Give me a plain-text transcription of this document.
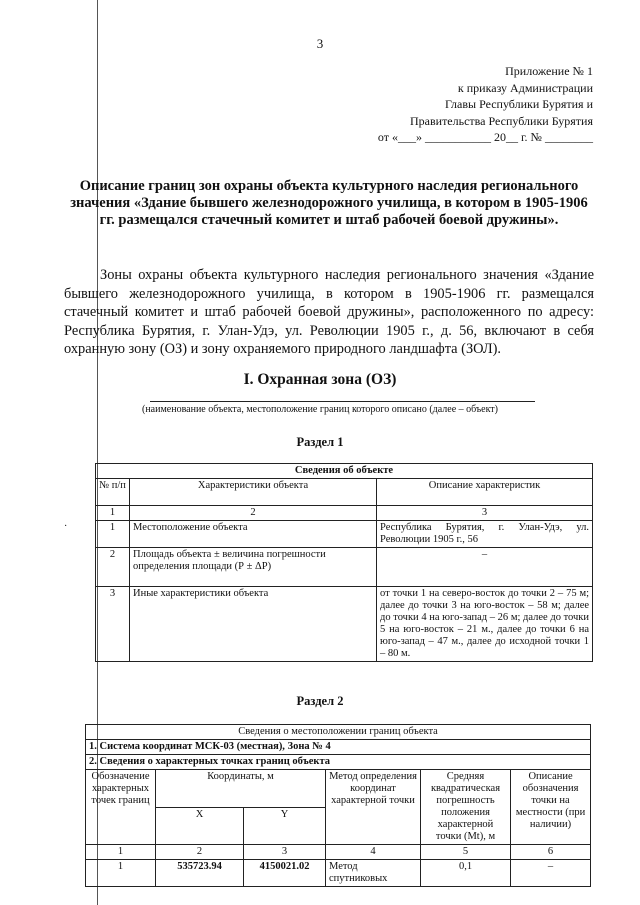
3
Приложение № 1
к приказу Администрации
Главы Республики Бурятия и
Правительства Республики Бурятия
от «___» ___________ 20__ г. № ________
Описание границ зон охраны объекта культурного наследия регионального значения «Здание бывшего железнодорожного училища, в котором в 1905-1906 гг. размещался стачечный комитет и штаб рабочей боевой дружины».

Зоны охраны объекта культурного наследия регионального значения «Здание бывшего железнодорожного училища, в котором в 1905-1906 гг. размещался стачечный комитет и штаб рабочей боевой дружины», расположенного по адресу: Республика Бурятия, г. Улан-Удэ, ул. Революции 1905 г., д. 56, включают в себя охранную зону (ОЗ) и зону охраняемого природного ландшафта (ЗОЛ).

I. Охранная зона (ОЗ)
(наименование объекта, местоположение границ которого описано (далее – объект)
Раздел 1
·
Сведения об объекте		
№ п/п	Характеристики объекта	Описание характеристик
1	2	3
1	Местоположение объекта	Республика Бурятия, г. Улан-Удэ, ул. Революции 1905 г., 56
2	Площадь объекта ± величина погрешности определения площади (Р ± ΔР)	–
3	Иные характеристики объекта	от точки 1 на северо-восток до точки 2 – 75 м; далее до точки 3 на юго-восток – 58 м; далее до точки 4 на юго-запад – 26 м; далее до точки 5 на юго-восток – 21 м., далее до точки 6 на юго-запад – 47 м., далее до исходной точки 1 – 80 м.
Раздел 2
Сведения о местоположении границ объекта					
1. Система координат МСК-03 (местная), Зона № 4					
2. Сведения о характерных точках границ объекта					
Обозначение характерных точек границ	Координаты, м		Метод определения координат характерной точки	Средняя квадратическая погрешность положения характерной точки (Mt), м	Описание обозначения точки на местности (при наличии)
	X	Y			
1	2	3	4	5	6
1	535723.94	4150021.02	Метод спутниковых	0,1	–
